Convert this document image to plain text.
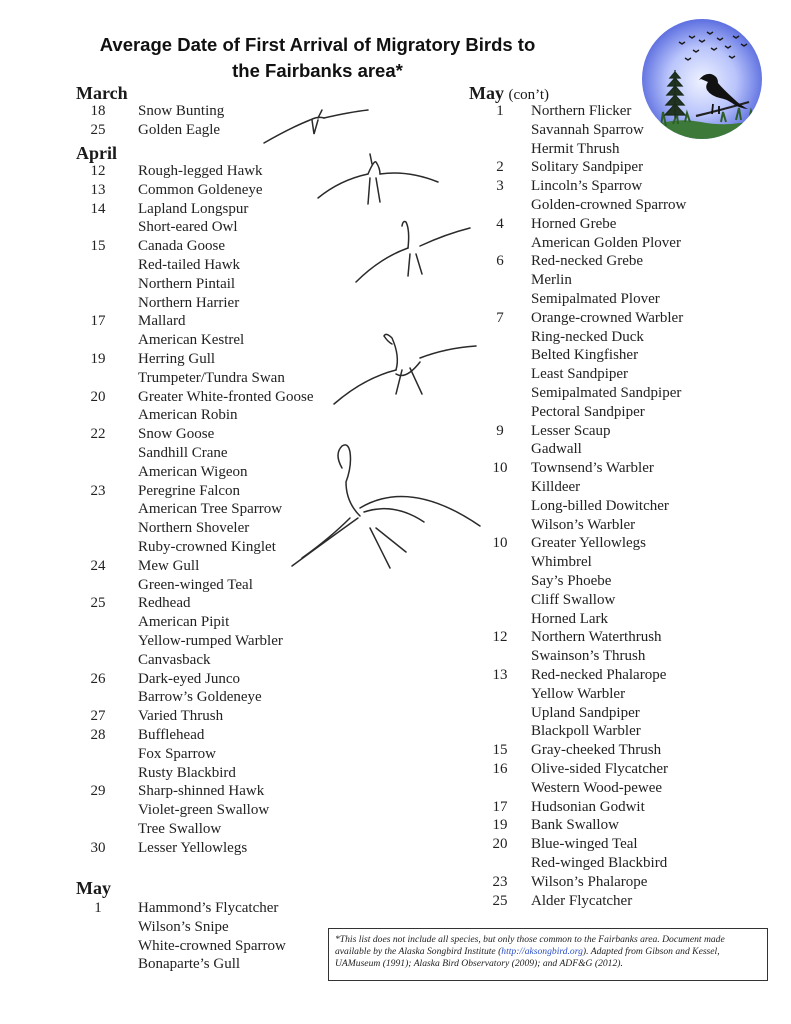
Average Date of First Arrival of Migratory Birds to
the Fairbanks area*
March
18	Snow Bunting
25	Golden Eagle
April
12	Rough-legged Hawk
13	Common Goldeneye
14	Lapland Longspur
Short-eared Owl
15	Canada Goose
Red-tailed Hawk
Northern Pintail
Northern Harrier
17	Mallard
American Kestrel
19	Herring Gull
Trumpeter/Tundra Swan
20	Greater White-fronted Goose
American Robin
22	Snow Goose
Sandhill Crane
American Wigeon
23	Peregrine Falcon
American Tree Sparrow
Northern Shoveler
Ruby-crowned Kinglet
24	Mew Gull
Green-winged Teal
25	Redhead
American Pipit
Yellow-rumped Warbler
Canvasback
26	Dark-eyed Junco
Barrow’s Goldeneye
27	Varied Thrush
28	Bufflehead
Fox Sparrow
Rusty Blackbird
29	Sharp-shinned Hawk
Violet-green Swallow
Tree Swallow
30	Lesser Yellowlegs
May
1	Hammond’s Flycatcher
Wilson’s Snipe
White-crowned Sparrow
Bonaparte’s Gull
May (con’t)
1	Northern Flicker
Savannah Sparrow
Hermit Thrush
2	Solitary Sandpiper
3	Lincoln’s Sparrow
Golden-crowned Sparrow
4	Horned Grebe
American Golden Plover
6	Red-necked Grebe
Merlin
Semipalmated Plover
7	Orange-crowned Warbler
Ring-necked Duck
Belted Kingfisher
Least Sandpiper
Semipalmated Sandpiper
Pectoral Sandpiper
9	Lesser Scaup
Gadwall
10	Townsend’s Warbler
Killdeer
Long-billed Dowitcher
Wilson’s Warbler
10	Greater Yellowlegs
Whimbrel
Say’s Phoebe
Cliff Swallow
Horned Lark
12	Northern Waterthrush
Swainson’s Thrush
13	Red-necked Phalarope
Yellow Warbler
Upland Sandpiper
Blackpoll Warbler
15	Gray-cheeked Thrush
16	Olive-sided Flycatcher
Western Wood-pewee
17	Hudsonian Godwit
19	Bank Swallow
20	Blue-winged Teal
Red-winged Blackbird
23	Wilson’s Phalarope
25	Alder Flycatcher
*This list does not include all species, but only those common to the Fairbanks area. Document made available by the Alaska Songbird Institute (http://aksongbird.org). Adapted from Gibson and Kessel, UAMuseum (1991); Alaska Bird Observatory (2009); and ADF&G (2012).
